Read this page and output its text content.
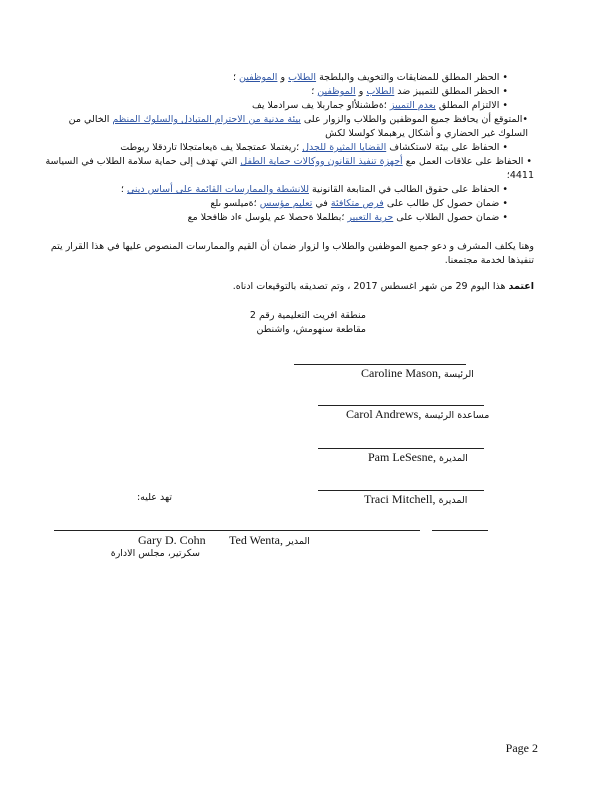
• الحظر المطلق للمضايقات والتخويف والبلطجة الطلاب و الموظفين ؛
• الحظر المطلق للتمييز ضد الطلاب و الموظفين ؛
• الالتزام المطلق بعدم التمييز ؛ةطشنلأاو جماربلا يف سرادملا يف
•المتوقع أن يحافظ جميع الموظفين والطلاب والزوار على بيئة مدنية من الاحترام المتبادل والسلوك المنظم الخالي من
السلوك غير الحضاري و أشكال يرهبملا كولسلا لكش
• الحفاظ على بيئة لاستكشاف القضايا المثيرة للجدل ؛ريغتملا عمتجملا يف ةيعامتجلاا تاردقلا ريوطت
• الحفاظ على علاقات العمل مع أجهزة تنفيذ القانون ووكالات حماية الطفل التي تهدف إلى حماية سلامة الطلاب في السياسة
4411؛
• الحفاظ على حقوق الطالب في المتابعة القانونية للانشطة والممارسات القائمة على أساس ديني ؛
• ضمان حصول كل طالب على فرص متكافئة في تعليم مؤسس ؛ةميلسو ىلع
• ضمان حصول الطلاب على حرية التعبير ؛بطلملا ةحصلا عم يلوسل ءاد ظافحلا مع
وهنا يكلف المشرف و دعو جميع الموظفين والطلاب وا لزوار ضمان أن القيم والممارسات المنصوص عليها في هذا القرار يتم
تنفيذها لخدمة مجتمعنا.
اعتمد هذا اليوم 29 من شهر اغسطس 2017 ، وتم تصديقه بالتوقيعات ادناه.
منطقة افريت التعليمية رقم 2
مقاطعة سنهومش، واشنطن
Caroline Mason, الرئيسة
Carol Andrews, مساعدة الرئيسة
Pam LeSesne, المديرة
Traci Mitchell, المديرة
تهد عليه:
Gary D. Cohn Ted Wenta, المدير
سكرتير، مجلس الادارة
Page 2
